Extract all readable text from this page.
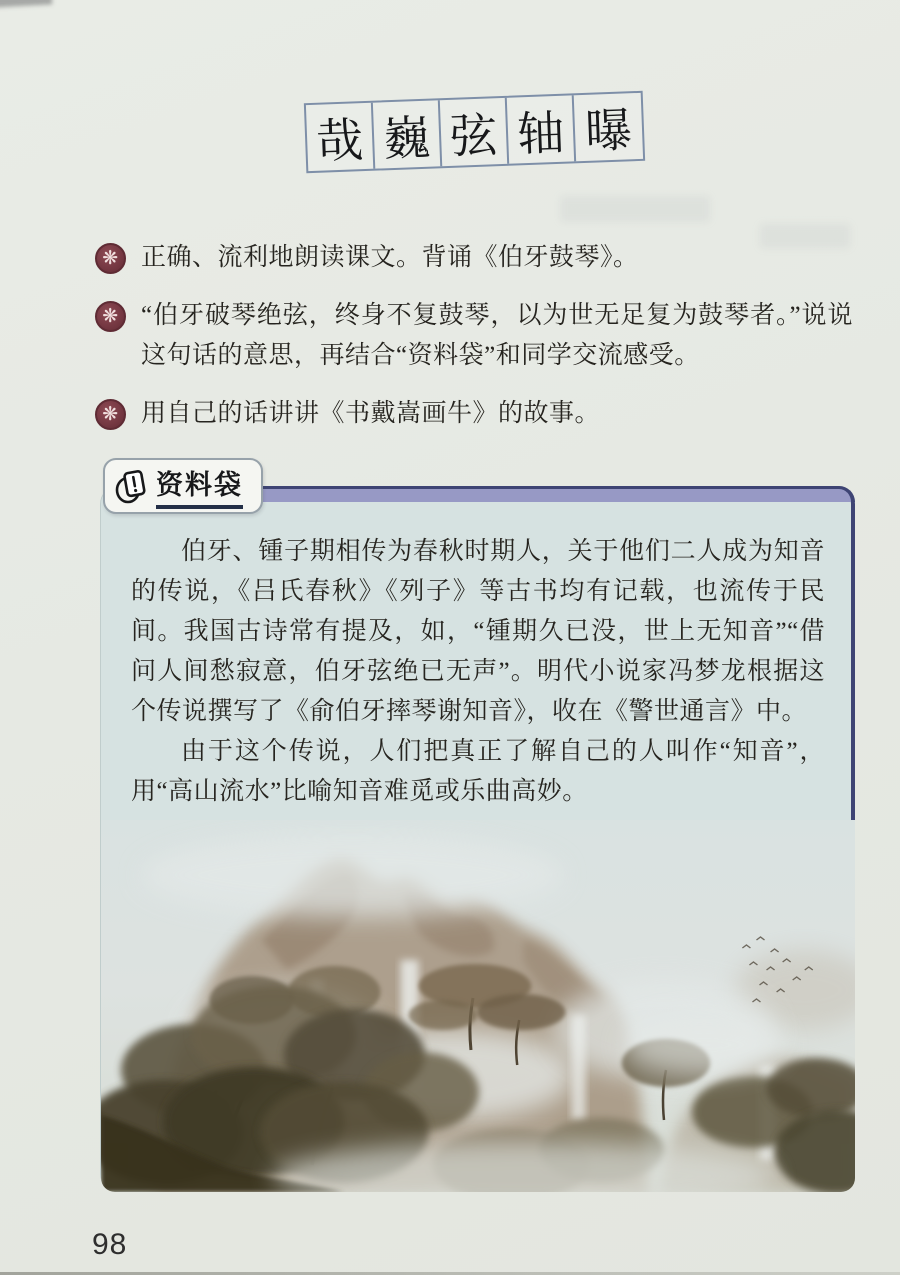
哉 巍 弦 轴 曝
❋ 正确、流利地朗读课文。背诵《伯牙鼓琴》。
❋ “伯牙破琴绝弦，终身不复鼓琴，以为世无足复为鼓琴者。”说说这句话的意思，再结合“资料袋”和同学交流感受。
❋ 用自己的话讲讲《书戴嵩画牛》的故事。
资料袋

伯牙、锺子期相传为春秋时期人，关于他们二人成为知音的传说，《吕氏春秋》《列子》等古书均有记载，也流传于民间。我国古诗常有提及，如，“锺期久已没，世上无知音”“借问人间愁寂意，伯牙弦绝已无声”。明代小说家冯梦龙根据这个传说撰写了《俞伯牙摔琴谢知音》，收在《警世通言》中。

由于这个传说，人们把真正了解自己的人叫作“知音”，用“高山流水”比喻知音难觅或乐曲高妙。

98
